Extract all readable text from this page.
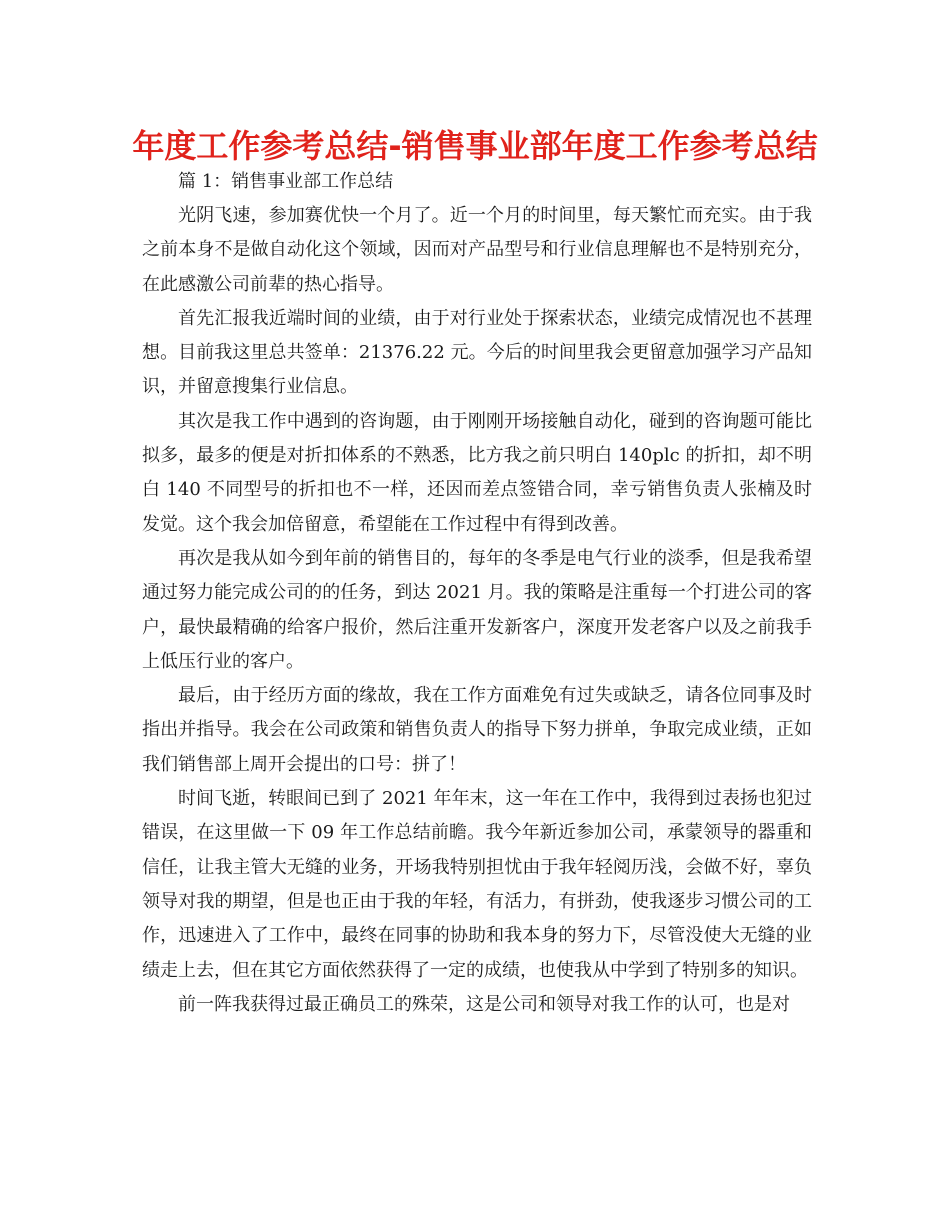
年度工作参考总结-销售事业部年度工作参考总结

篇 1：销售事业部工作总结

光阴飞速，参加赛优快一个月了。近一个月的时间里，每天繁忙而充实。由于我之前本身不是做自动化这个领域，因而对产品型号和行业信息理解也不是特别充分，在此感激公司前辈的热心指导。

首先汇报我近端时间的业绩，由于对行业处于探索状态，业绩完成情况也不甚理想。目前我这里总共签单：21376.22 元。今后的时间里我会更留意加强学习产品知识，并留意搜集行业信息。

其次是我工作中遇到的咨询题，由于刚刚开场接触自动化，碰到的咨询题可能比拟多，最多的便是对折扣体系的不熟悉，比方我之前只明白 140plc 的折扣，却不明白 140 不同型号的折扣也不一样，还因而差点签错合同，幸亏销售负责人张楠及时发觉。这个我会加倍留意，希望能在工作过程中有得到改善。

再次是我从如今到年前的销售目的，每年的冬季是电气行业的淡季，但是我希望通过努力能完成公司的的任务，到达 2021 月。我的策略是注重每一个打进公司的客户，最快最精确的给客户报价，然后注重开发新客户，深度开发老客户以及之前我手上低压行业的客户。

最后，由于经历方面的缘故，我在工作方面难免有过失或缺乏，请各位同事及时指出并指导。我会在公司政策和销售负责人的指导下努力拼单，争取完成业绩，正如我们销售部上周开会提出的口号：拼了！

时间飞逝，转眼间已到了 2021 年年末，这一年在工作中，我得到过表扬也犯过错误，在这里做一下 09 年工作总结前瞻。我今年新近参加公司，承蒙领导的器重和信任，让我主管大无缝的业务，开场我特别担忧由于我年轻阅历浅，会做不好，辜负领导对我的期望，但是也正由于我的年轻，有活力，有拼劲，使我逐步习惯公司的工作，迅速进入了工作中，最终在同事的协助和我本身的努力下，尽管没使大无缝的业绩走上去，但在其它方面依然获得了一定的成绩，也使我从中学到了特别多的知识。

前一阵我获得过最正确员工的殊荣，这是公司和领导对我工作的认可，也是对
